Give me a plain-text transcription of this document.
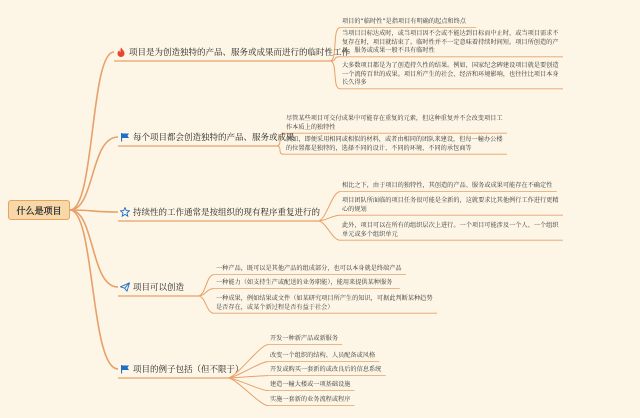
什么是项目
项目是为创造独特的产品、服务或成果而进行的临时性工作
每个项目都会创造独特的产品、服务或成果
持续性的工作通常是按组织的现有程序重复进行的
项目可以创造
项目的例子包括（但不限于）
项目的“临时性”是指项目有明确的起点和终点
当项目目标达成时，或当项目因不会或不能达到目标而中止时，或当项目需求不
复存在时，项目就结束了。临时性并不一定意味着持续时间短。项目所创造的产
品、服务或成果一般不具有临时性
大多数项目都是为了创造持久性的结果。例如，国家纪念碑建设项目就是要创造
一个流传百世的成果。项目所产生的社会、经济和环境影响，也往往比项目本身
长久得多
尽管某些项目可交付成果中可能存在重复的元素，但这种重复并不会改变项目工
作本质上的独特性
例如，即便采用相同或相似的材料，或者由相同的团队来建设，但每一幢办公楼
的位置都是独特的，选择不同的设计、不同的环境、不同的承包商等
相比之下，由于项目的独特性，其创造的产品、服务或成果可能存在不确定性
项目团队所面临的项目任务很可能是全新的，这就要求比其他例行工作进行更精
心的规划
此外，项目可以在所有的组织层次上进行。一个项目可能涉及一个人、一个组织
单元或多个组织单元
一种产品，既可以是其他产品的组成部分，也可以本身就是终端产品
一种能力（如支持生产或配送的业务职能），能用来提供某种服务
一种成果，例如结果或文件（如某研究项目所产生的知识，可据此判断某种趋势
是否存在，或某个新过程是否有益于社会）
开发一种新产品或新服务
改变一个组织的结构、人员配备或风格
开发或购买一套新的或改良后的信息系统
建造一幢大楼或一项基础设施
实施一套新的业务流程或程序
